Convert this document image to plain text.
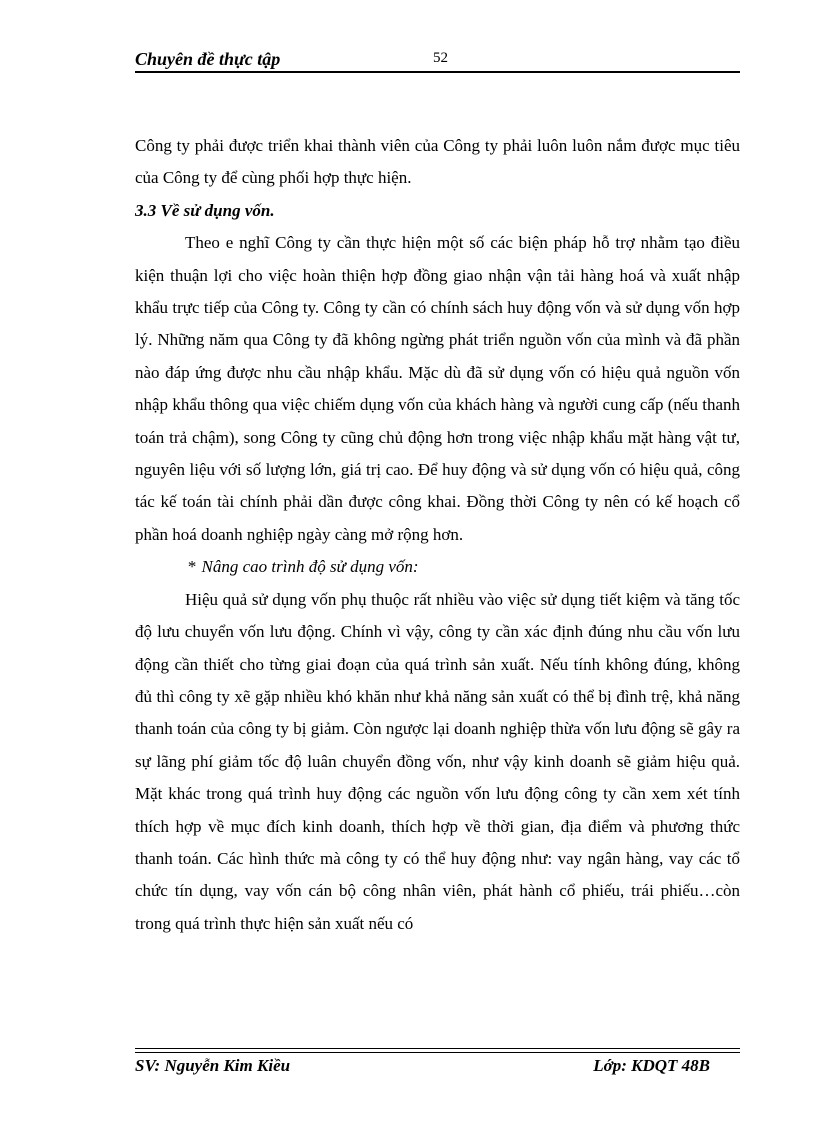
Chuyên đề thực tập	52

Công ty phải được triển khai thành viên của Công ty phải luôn luôn nắm được mục tiêu của Công ty để cùng phối hợp thực hiện.

3.3 Về sử dụng vốn.

Theo e nghĩ Công ty cần thực hiện một số các biện pháp hỗ trợ nhằm tạo điều kiện thuận lợi cho việc hoàn thiện hợp đồng giao nhận vận tải hàng hoá và xuất nhập khẩu trực tiếp của Công ty. Công ty cần có chính sách huy động vốn và sử dụng vốn hợp lý. Những năm qua Công ty đã không ngừng phát triển nguồn vốn của mình và đã phần nào đáp ứng được nhu cầu nhập khẩu. Mặc dù đã sử dụng vốn có hiệu quả nguồn vốn nhập khẩu thông qua việc chiếm dụng vốn của khách hàng và người cung cấp (nếu thanh toán trả chậm), song Công ty cũng chủ động hơn trong việc nhập khẩu mặt hàng vật tư, nguyên liệu với số lượng lớn, giá trị cao. Để huy động và sử dụng vốn có hiệu quả, công tác kế toán tài chính phải dần được công khai. Đồng thời Công ty nên có kế hoạch cổ phần hoá doanh nghiệp ngày càng mở rộng hơn.

* Nâng cao trình độ sử dụng vốn:

Hiệu quả sử dụng vốn phụ thuộc rất nhiều vào việc sử dụng tiết kiệm và tăng tốc độ lưu chuyển vốn lưu động. Chính vì vậy, công ty cần xác định đúng nhu cầu vốn lưu động cần thiết cho từng giai đoạn của quá trình sản xuất. Nếu tính không đúng, không đủ thì công ty xẽ gặp nhiều khó khăn như khả năng sản xuất có thể bị đình trệ, khả năng thanh toán của công ty bị giảm. Còn ngược lại doanh nghiệp thừa vốn lưu động sẽ gây ra sự lãng phí giảm tốc độ luân chuyển đồng vốn, như vậy kinh doanh sẽ giảm hiệu quả. Mặt khác trong quá trình huy động các nguồn vốn lưu động công ty cần xem xét tính thích hợp về mục đích kinh doanh, thích hợp về thời gian, địa điểm và phương thức thanh toán. Các hình thức mà công ty có thể huy động như: vay ngân hàng, vay các tổ chức tín dụng, vay vốn cán bộ công nhân viên, phát hành cổ phiếu, trái phiếu…còn trong quá trình thực hiện sản xuất nếu có

SV: Nguyễn Kim Kiều	Lớp: KDQT 48B
